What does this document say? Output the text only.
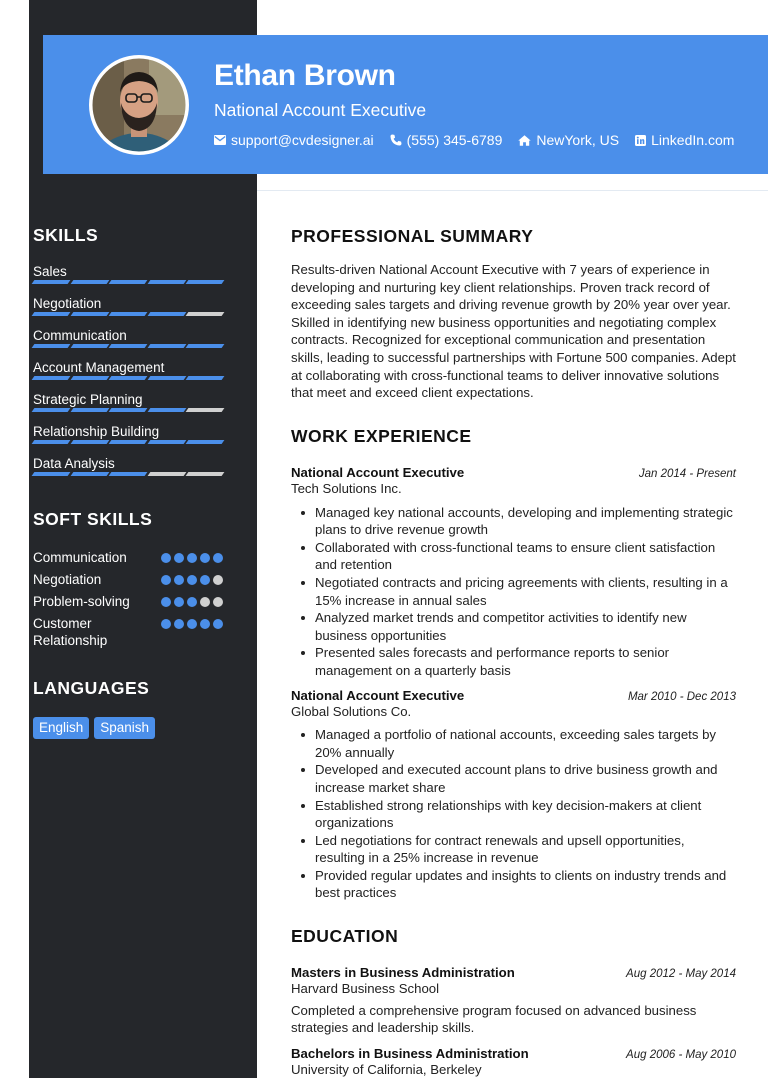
Ethan Brown
National Account Executive
support@cvdesigner.ai (555) 345-6789 NewYork, US LinkedIn.com
SKILLS
Sales
Negotiation
Communication
Account Management
Strategic Planning
Relationship Building
Data Analysis
SOFT SKILLS
Communication
Negotiation
Problem-solving
Customer Relationship
LANGUAGES
English	Spanish
PROFESSIONAL SUMMARY
Results-driven National Account Executive with 7 years of experience in developing and nurturing key client relationships. Proven track record of exceeding sales targets and driving revenue growth by 20% year over year. Skilled in identifying new business opportunities and negotiating complex contracts. Recognized for exceptional communication and presentation skills, leading to successful partnerships with Fortune 500 companies. Adept at collaborating with cross-functional teams to deliver innovative solutions that meet and exceed client expectations.
WORK EXPERIENCE
National Account Executive	Jan 2014 - Present
Tech Solutions Inc.
Managed key national accounts, developing and implementing strategic plans to drive revenue growth
Collaborated with cross-functional teams to ensure client satisfaction and retention
Negotiated contracts and pricing agreements with clients, resulting in a 15% increase in annual sales
Analyzed market trends and competitor activities to identify new business opportunities
Presented sales forecasts and performance reports to senior management on a quarterly basis
National Account Executive	Mar 2010 - Dec 2013
Global Solutions Co.
Managed a portfolio of national accounts, exceeding sales targets by 20% annually
Developed and executed account plans to drive business growth and increase market share
Established strong relationships with key decision-makers at client organizations
Led negotiations for contract renewals and upsell opportunities, resulting in a 25% increase in revenue
Provided regular updates and insights to clients on industry trends and best practices
EDUCATION
Masters in Business Administration	Aug 2012 - May 2014
Harvard Business School
Completed a comprehensive program focused on advanced business strategies and leadership skills.
Bachelors in Business Administration	Aug 2006 - May 2010
University of California, Berkeley
